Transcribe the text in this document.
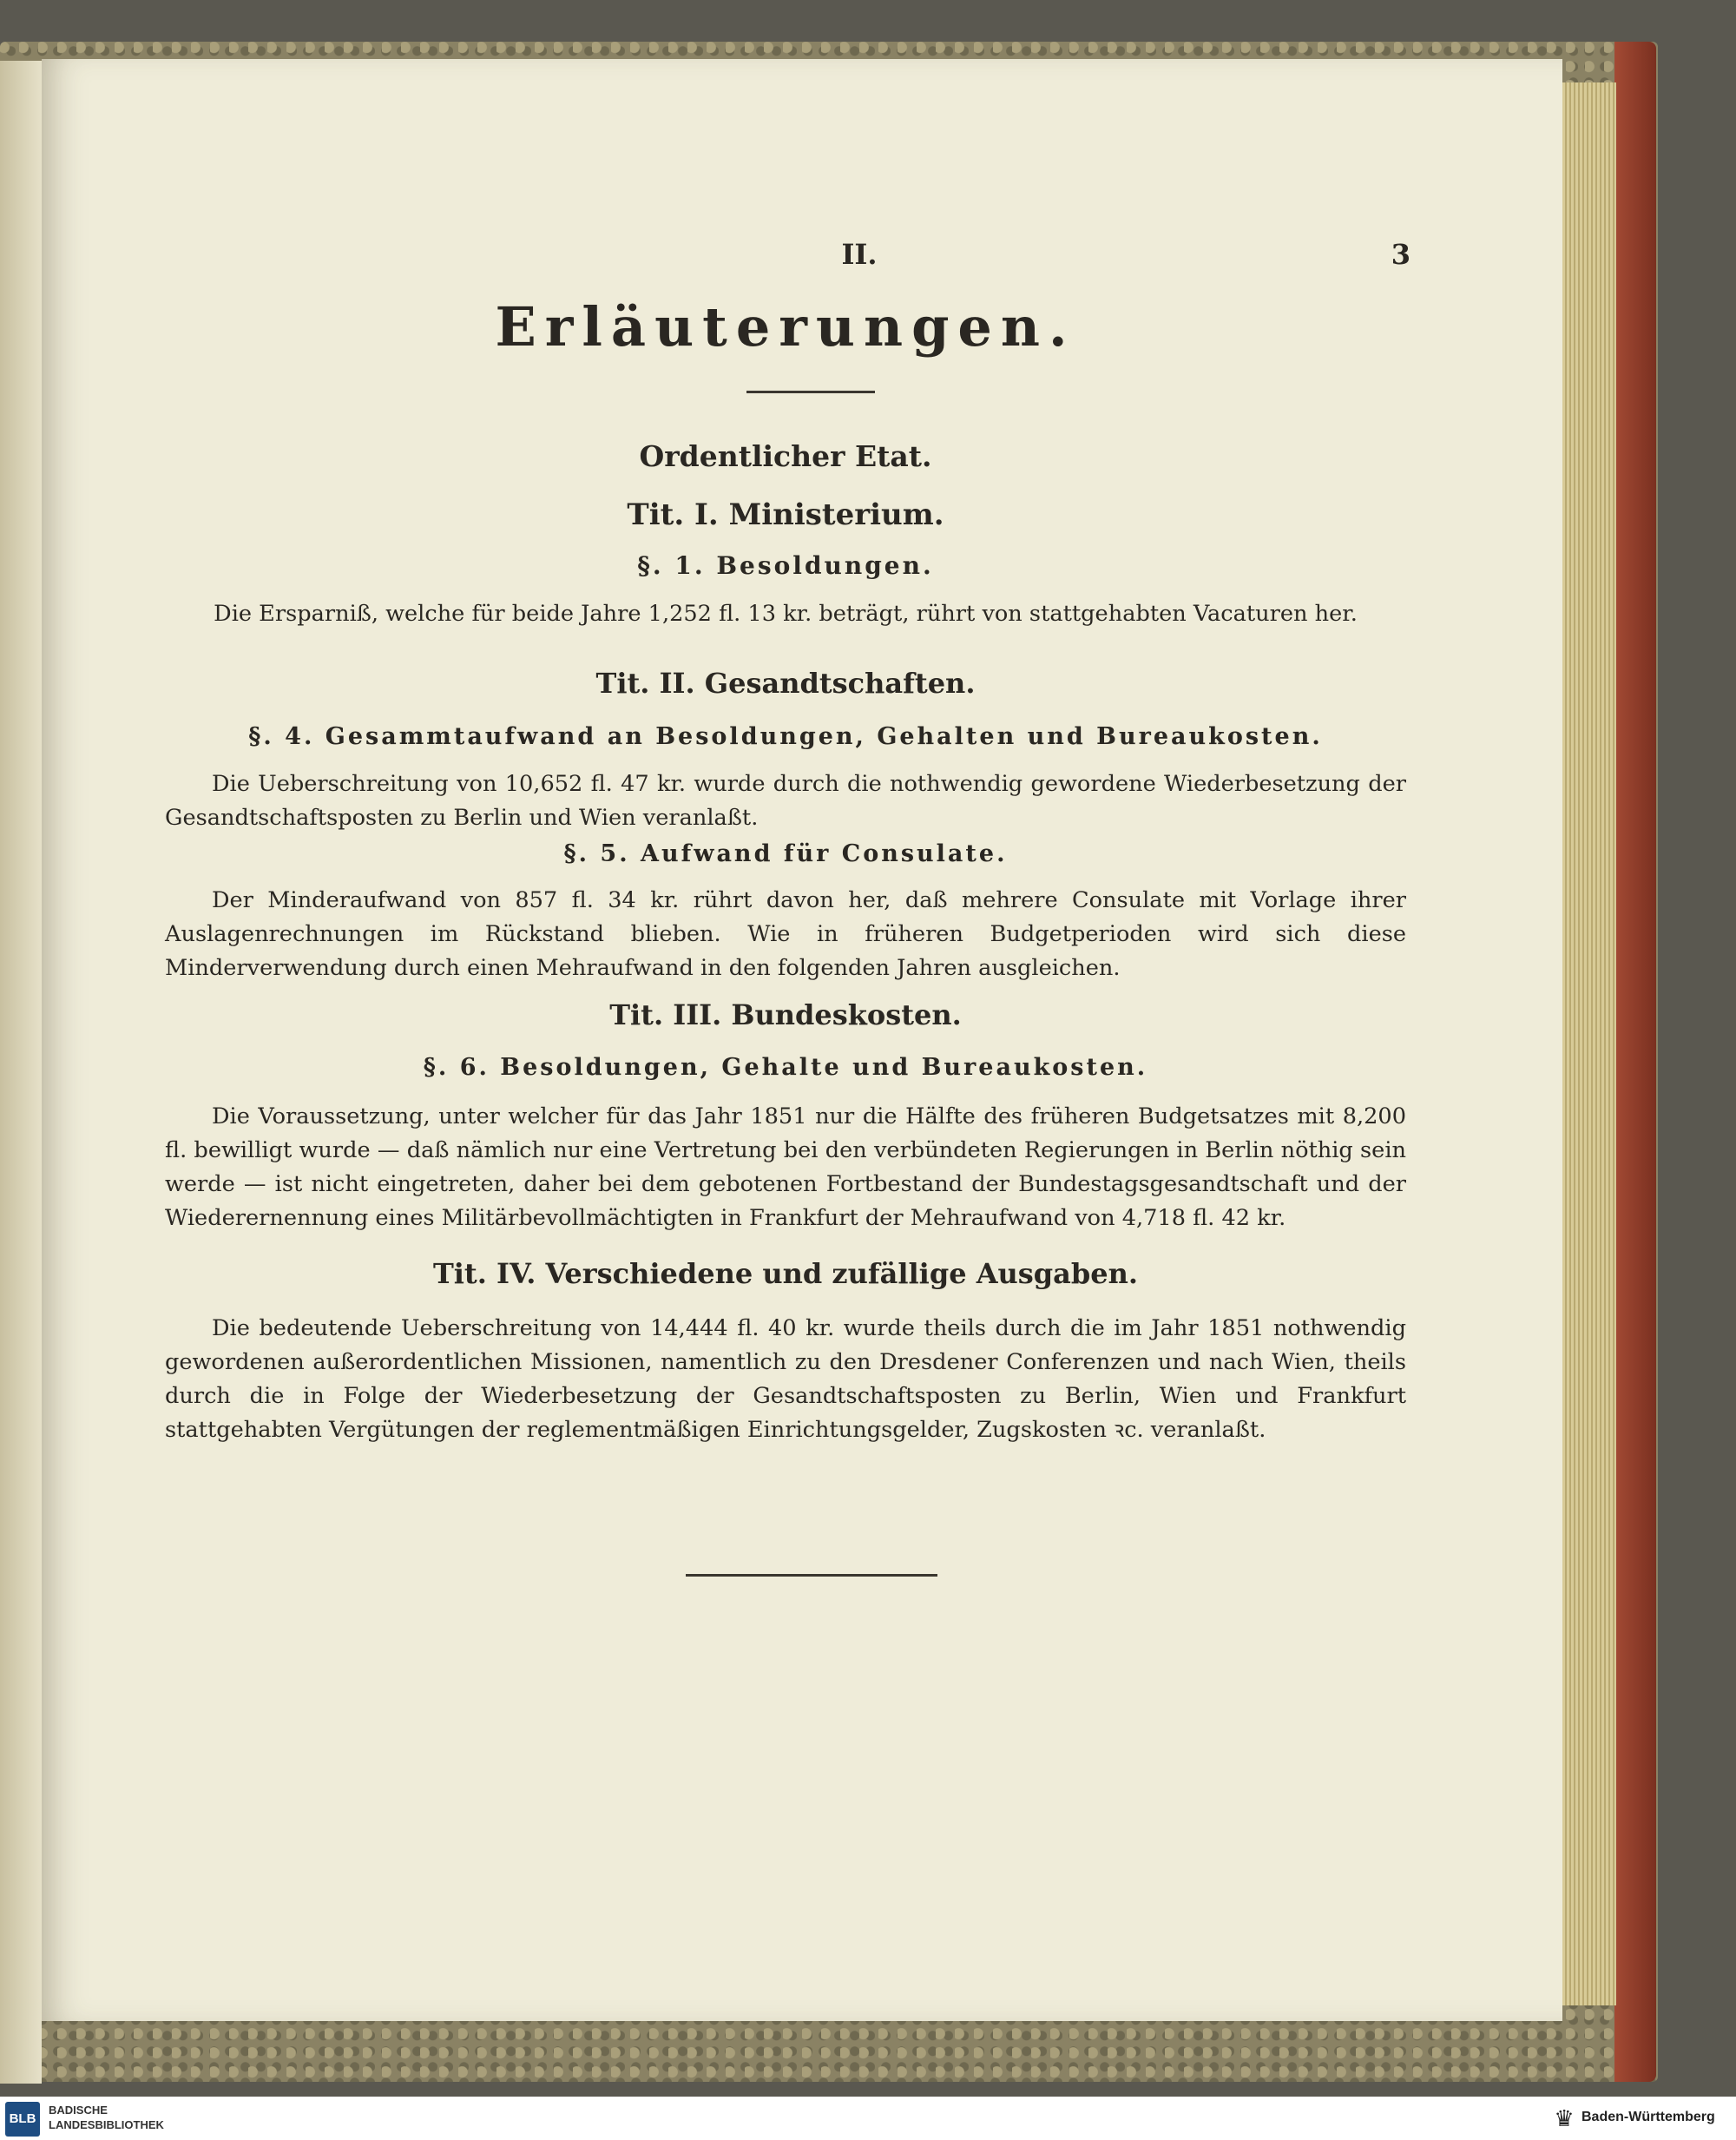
II.	3
Erläuterungen.
Ordentlicher Etat.
Tit. I. Ministerium.
§. 1. Besoldungen.
Die Ersparniß, welche für beide Jahre 1,252 fl. 13 kr. beträgt, rührt von stattgehabten Vacaturen her.
Tit. II. Gesandtschaften.
§. 4. Gesammtaufwand an Besoldungen, Gehalten und Bureaukosten.
Die Ueberschreitung von 10,652 fl. 47 kr. wurde durch die nothwendig gewordene Wiederbesetzung der Gesandtschaftsposten zu Berlin und Wien veranlaßt.
§. 5. Aufwand für Consulate.
Der Minderaufwand von 857 fl. 34 kr. rührt davon her, daß mehrere Consulate mit Vorlage ihrer Auslagenrechnungen im Rückstand blieben. Wie in früheren Budgetperioden wird sich diese Minderverwendung durch einen Mehraufwand in den folgenden Jahren ausgleichen.
Tit. III. Bundeskosten.
§. 6. Besoldungen, Gehalte und Bureaukosten.
Die Voraussetzung, unter welcher für das Jahr 1851 nur die Hälfte des früheren Budgetsatzes mit 8,200 fl. bewilligt wurde — daß nämlich nur eine Vertretung bei den verbündeten Regierungen in Berlin nöthig sein werde — ist nicht eingetreten, daher bei dem gebotenen Fortbestand der Bundestagsgesandtschaft und der Wiederernennung eines Militärbevollmächtigten in Frankfurt der Mehraufwand von 4,718 fl. 42 kr.
Tit. IV. Verschiedene und zufällige Ausgaben.
Die bedeutende Ueberschreitung von 14,444 fl. 40 kr. wurde theils durch die im Jahr 1851 nothwendig gewordenen außerordentlichen Missionen, namentlich zu den Dresdener Conferenzen und nach Wien, theils durch die in Folge der Wiederbesetzung der Gesandtschaftsposten zu Berlin, Wien und Frankfurt stattgehabten Vergütungen der reglementmäßigen Einrichtungsgelder, Zugskosten ꝛc. veranlaßt.
BLB
BADISCHE
LANDESBIBLIOTHEK	♛ Baden-Württemberg
